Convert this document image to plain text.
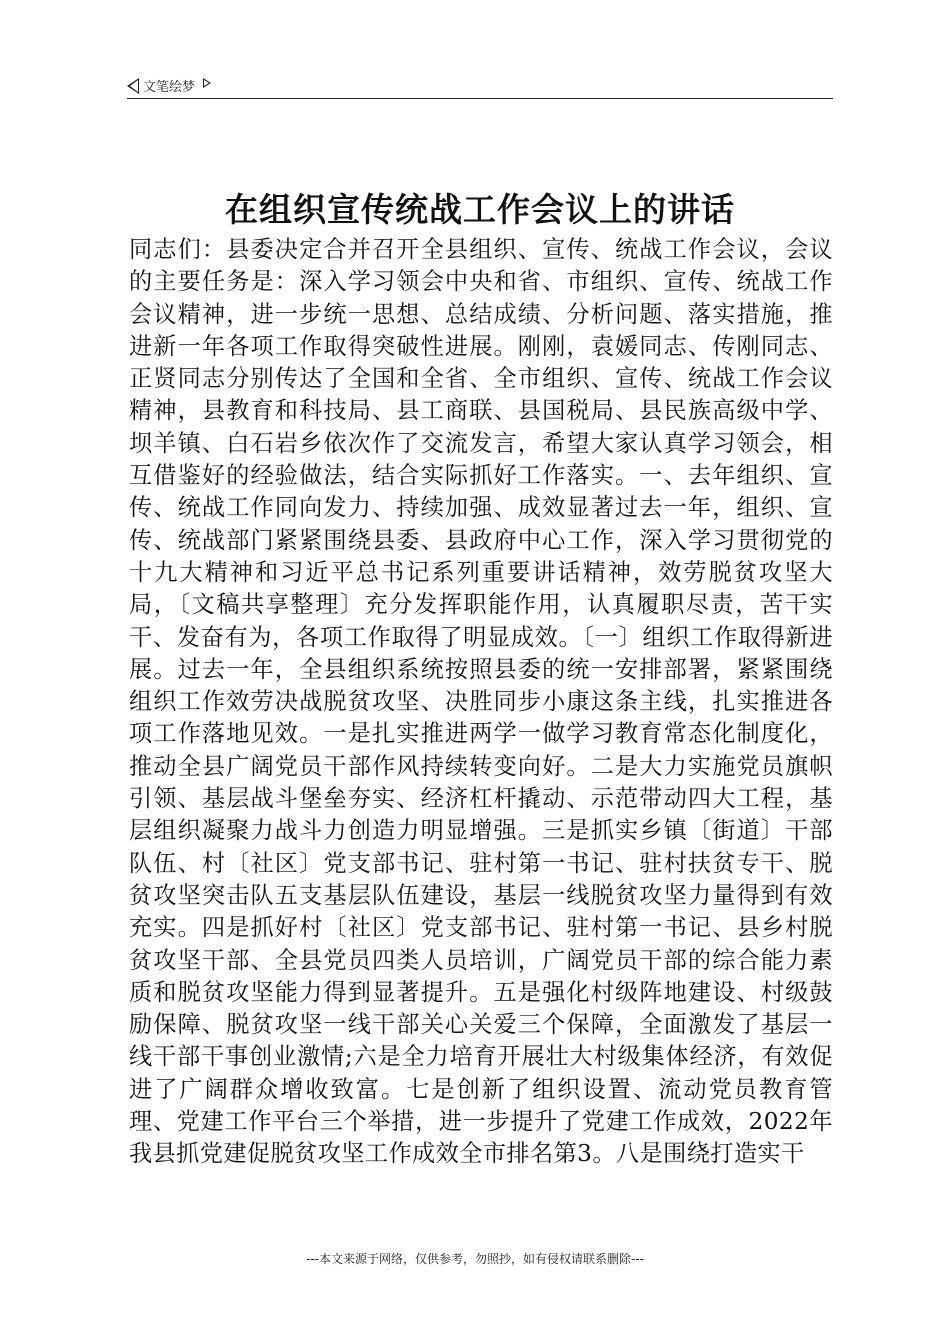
文笔绘梦
在组织宣传统战工作会议上的讲话
同志们：县委决定合并召开全县组织、宣传、统战工作会议，会议的主要任务是：深入学习领会中央和省、市组织、宣传、统战工作会议精神，进一步统一思想、总结成绩、分析问题、落实措施，推进新一年各项工作取得突破性进展。刚刚，袁媛同志、传刚同志、正贤同志分别传达了全国和全省、全市组织、宣传、统战工作会议精神，县教育和科技局、县工商联、县国税局、县民族高级中学、坝羊镇、白石岩乡依次作了交流发言，希望大家认真学习领会，相互借鉴好的经验做法，结合实际抓好工作落实。一、去年组织、宣传、统战工作同向发力、持续加强、成效显著过去一年，组织、宣传、统战部门紧紧围绕县委、县政府中心工作，深入学习贯彻党的十九大精神和习近平总书记系列重要讲话精神，效劳脱贫攻坚大局，〔文稿共享整理〕充分发挥职能作用，认真履职尽责，苦干实干、发奋有为，各项工作取得了明显成效。〔一〕组织工作取得新进展。过去一年，全县组织系统按照县委的统一安排部署，紧紧围绕组织工作效劳决战脱贫攻坚、决胜同步小康这条主线，扎实推进各项工作落地见效。一是扎实推进两学一做学习教育常态化制度化，推动全县广阔党员干部作风持续转变向好。二是大力实施党员旗帜引领、基层战斗堡垒夯实、经济杠杆撬动、示范带动四大工程，基层组织凝聚力战斗力创造力明显增强。三是抓实乡镇〔街道〕干部队伍、村〔社区〕党支部书记、驻村第一书记、驻村扶贫专干、脱贫攻坚突击队五支基层队伍建设，基层一线脱贫攻坚力量得到有效充实。四是抓好村〔社区〕党支部书记、驻村第一书记、县乡村脱贫攻坚干部、全县党员四类人员培训，广阔党员干部的综合能力素质和脱贫攻坚能力得到显著提升。五是强化村级阵地建设、村级鼓励保障、脱贫攻坚一线干部关心关爱三个保障，全面激发了基层一线干部干事创业激情;六是全力培育开展壮大村级集体经济，有效促进了广阔群众增收致富。七是创新了组织设置、流动党员教育管理、党建工作平台三个举措，进一步提升了党建工作成效，2022年我县抓党建促脱贫攻坚工作成效全市排名第3。八是围绕打造实干
---本文来源于网络，仅供参考，勿照抄，如有侵权请联系删除---
